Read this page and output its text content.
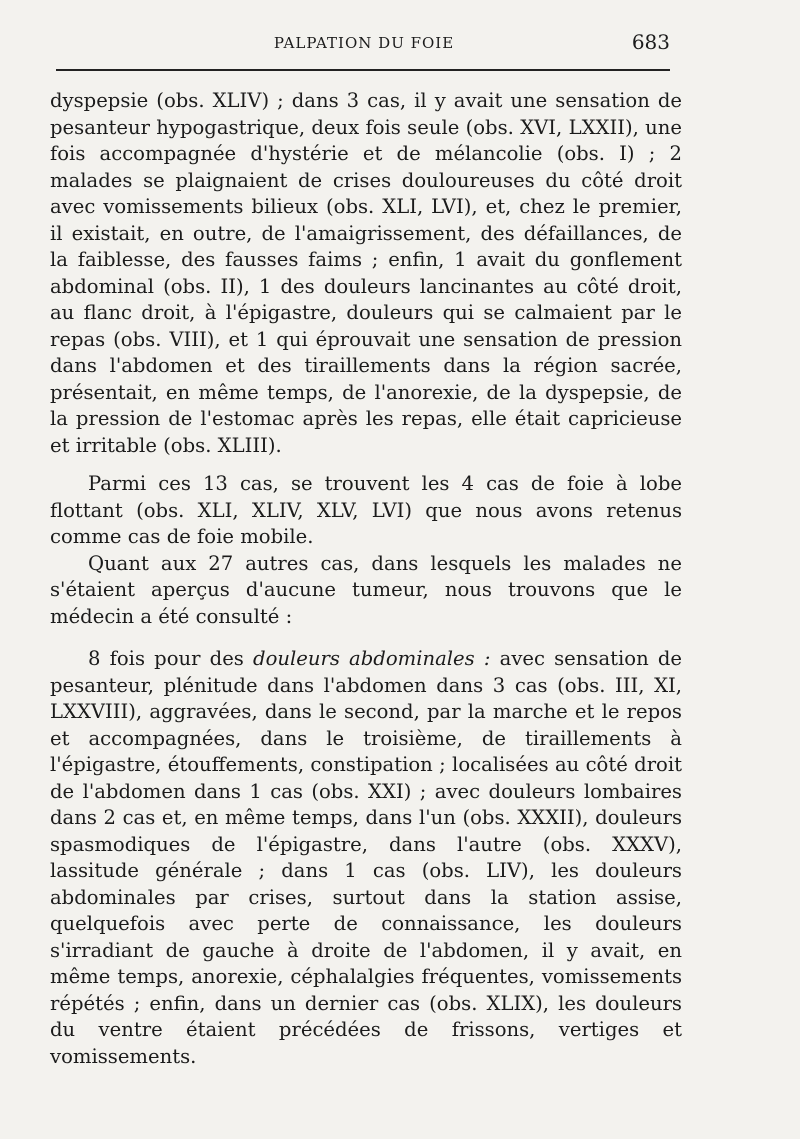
PALPATION DU FOIE	683

dyspepsie (obs. XLIV) ; dans 3 cas, il y avait une sensation de pesanteur hypogastrique, deux fois seule (obs. XVI, LXXII), une fois accompagnée d'hystérie et de mélancolie (obs. I) ; 2 malades se plaignaient de crises douloureuses du côté droit avec vomissements bilieux (obs. XLI, LVI), et, chez le premier, il existait, en outre, de l'amaigrissement, des défaillances, de la faiblesse, des fausses faims ; enfin, 1 avait du gonflement abdominal (obs. II), 1 des douleurs lancinantes au côté droit, au flanc droit, à l'épigastre, douleurs qui se calmaient par le repas (obs. VIII), et 1 qui éprouvait une sensation de pression dans l'abdomen et des tiraillements dans la région sacrée, présentait, en même temps, de l'anorexie, de la dyspepsie, de la pression de l'estomac après les repas, elle était capricieuse et irritable (obs. XLIII).

Parmi ces 13 cas, se trouvent les 4 cas de foie à lobe flottant (obs. XLI, XLIV, XLV, LVI) que nous avons retenus comme cas de foie mobile.

Quant aux 27 autres cas, dans lesquels les malades ne s'étaient aperçus d'aucune tumeur, nous trouvons que le médecin a été consulté :

8 fois pour des douleurs abdominales : avec sensation de pesanteur, plénitude dans l'abdomen dans 3 cas (obs. III, XI, LXXVIII), aggravées, dans le second, par la marche et le repos et accompagnées, dans le troisième, de tiraillements à l'épigastre, étouffements, constipation ; localisées au côté droit de l'abdomen dans 1 cas (obs. XXI) ; avec douleurs lombaires dans 2 cas et, en même temps, dans l'un (obs. XXXII), douleurs spasmodiques de l'épigastre, dans l'autre (obs. XXXV), lassitude générale ; dans 1 cas (obs. LIV), les douleurs abdominales par crises, surtout dans la station assise, quelquefois avec perte de connaissance, les douleurs s'irradiant de gauche à droite de l'abdomen, il y avait, en même temps, anorexie, céphalalgies fréquentes, vomissements répétés ; enfin, dans un dernier cas (obs. XLIX), les douleurs du ventre étaient précédées de frissons, vertiges et vomissements.
